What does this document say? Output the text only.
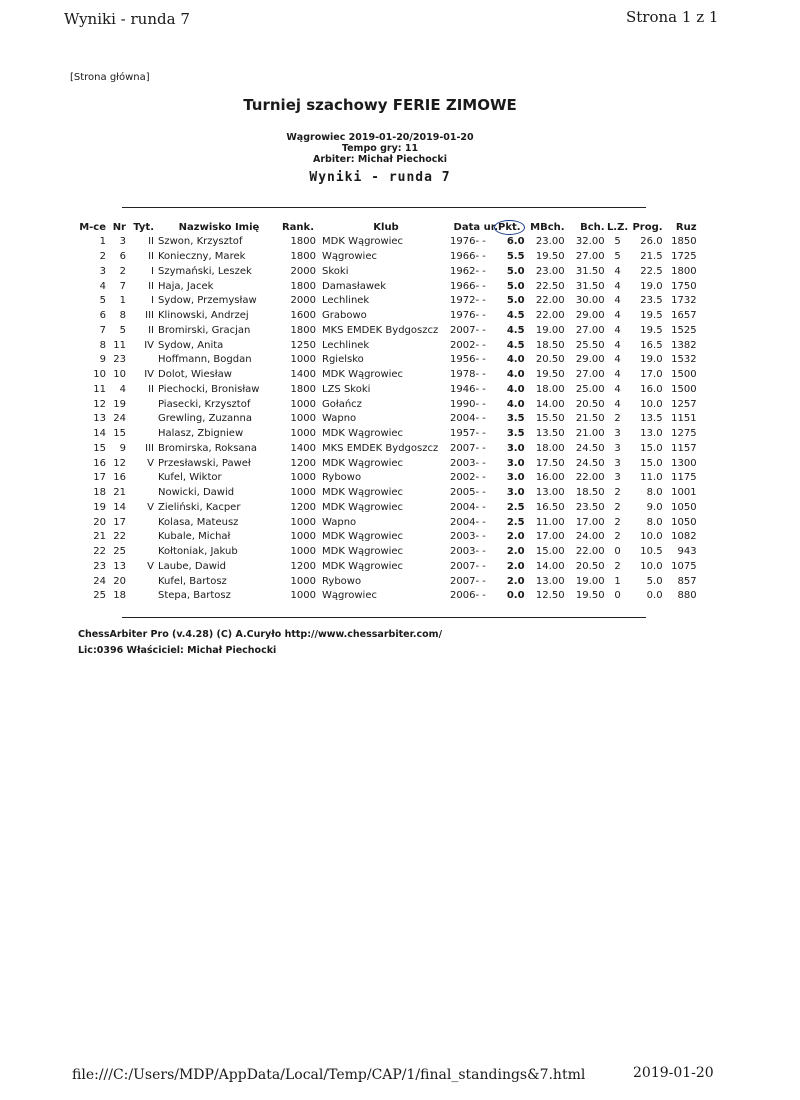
Wyniki - runda 7	Strona 1 z 1
[Strona główna]
Turniej szachowy FERIE ZIMOWE
Wągrowiec 2019-01-20/2019-01-20
Tempo gry: 11
Arbiter: Michał Piechocki
Wyniki - runda 7
M-ce	Nr	Tyt.	Nazwisko Imię	Rank.	Klub	Data ur.	Pkt.	MBch.	Bch.	L.Z.	Prog.	Ruz
1	3	II	Szwon, Krzysztof	1800	MDK Wągrowiec	1976- -	6.0	23.00	32.00	5	26.0	1850
2	6	II	Konieczny, Marek	1800	Wągrowiec	1966- -	5.5	19.50	27.00	5	21.5	1725
3	2	I	Szymański, Leszek	2000	Skoki	1962- -	5.0	23.00	31.50	4	22.5	1800
4	7	II	Haja, Jacek	1800	Damasławek	1966- -	5.0	22.50	31.50	4	19.0	1750
5	1	I	Sydow, Przemysław	2000	Lechlinek	1972- -	5.0	22.00	30.00	4	23.5	1732
6	8	III	Klinowski, Andrzej	1600	Grabowo	1976- -	4.5	22.00	29.00	4	19.5	1657
7	5	II	Bromirski, Gracjan	1800	MKS EMDEK Bydgoszcz	2007- -	4.5	19.00	27.00	4	19.5	1525
8	11	IV	Sydow, Anita	1250	Lechlinek	2002- -	4.5	18.50	25.50	4	16.5	1382
9	23		Hoffmann, Bogdan	1000	Rgielsko	1956- -	4.0	20.50	29.00	4	19.0	1532
10	10	IV	Dolot, Wiesław	1400	MDK Wągrowiec	1978- -	4.0	19.50	27.00	4	17.0	1500
11	4	II	Piechocki, Bronisław	1800	LZS Skoki	1946- -	4.0	18.00	25.00	4	16.0	1500
12	19		Piasecki, Krzysztof	1000	Gołańcz	1990- -	4.0	14.00	20.50	4	10.0	1257
13	24		Grewling, Zuzanna	1000	Wapno	2004- -	3.5	15.50	21.50	2	13.5	1151
14	15		Halasz, Zbigniew	1000	MDK Wągrowiec	1957- -	3.5	13.50	21.00	3	13.0	1275
15	9	III	Bromirska, Roksana	1400	MKS EMDEK Bydgoszcz	2007- -	3.0	18.00	24.50	3	15.0	1157
16	12	V	Przesławski, Paweł	1200	MDK Wągrowiec	2003- -	3.0	17.50	24.50	3	15.0	1300
17	16		Kufel, Wiktor	1000	Rybowo	2002- -	3.0	16.00	22.00	3	11.0	1175
18	21		Nowicki, Dawid	1000	MDK Wągrowiec	2005- -	3.0	13.00	18.50	2	8.0	1001
19	14	V	Zieliński, Kacper	1200	MDK Wągrowiec	2004- -	2.5	16.50	23.50	2	9.0	1050
20	17		Kolasa, Mateusz	1000	Wapno	2004- -	2.5	11.00	17.00	2	8.0	1050
21	22		Kubale, Michał	1000	MDK Wągrowiec	2003- -	2.0	17.00	24.00	2	10.0	1082
22	25		Kołtoniak, Jakub	1000	MDK Wągrowiec	2003- -	2.0	15.00	22.00	0	10.5	943
23	13	V	Laube, Dawid	1200	MDK Wągrowiec	2007- -	2.0	14.00	20.50	2	10.0	1075
24	20		Kufel, Bartosz	1000	Rybowo	2007- -	2.0	13.00	19.00	1	5.0	857
25	18		Stepa, Bartosz	1000	Wągrowiec	2006- -	0.0	12.50	19.50	0	0.0	880
ChessArbiter Pro (v.4.28) (C) A.Curyło http://www.chessarbiter.com/
Lic:0396 Właściciel: Michał Piechocki
file:///C:/Users/MDP/AppData/Local/Temp/CAP/1/final_standings&7.html	2019-01-20
